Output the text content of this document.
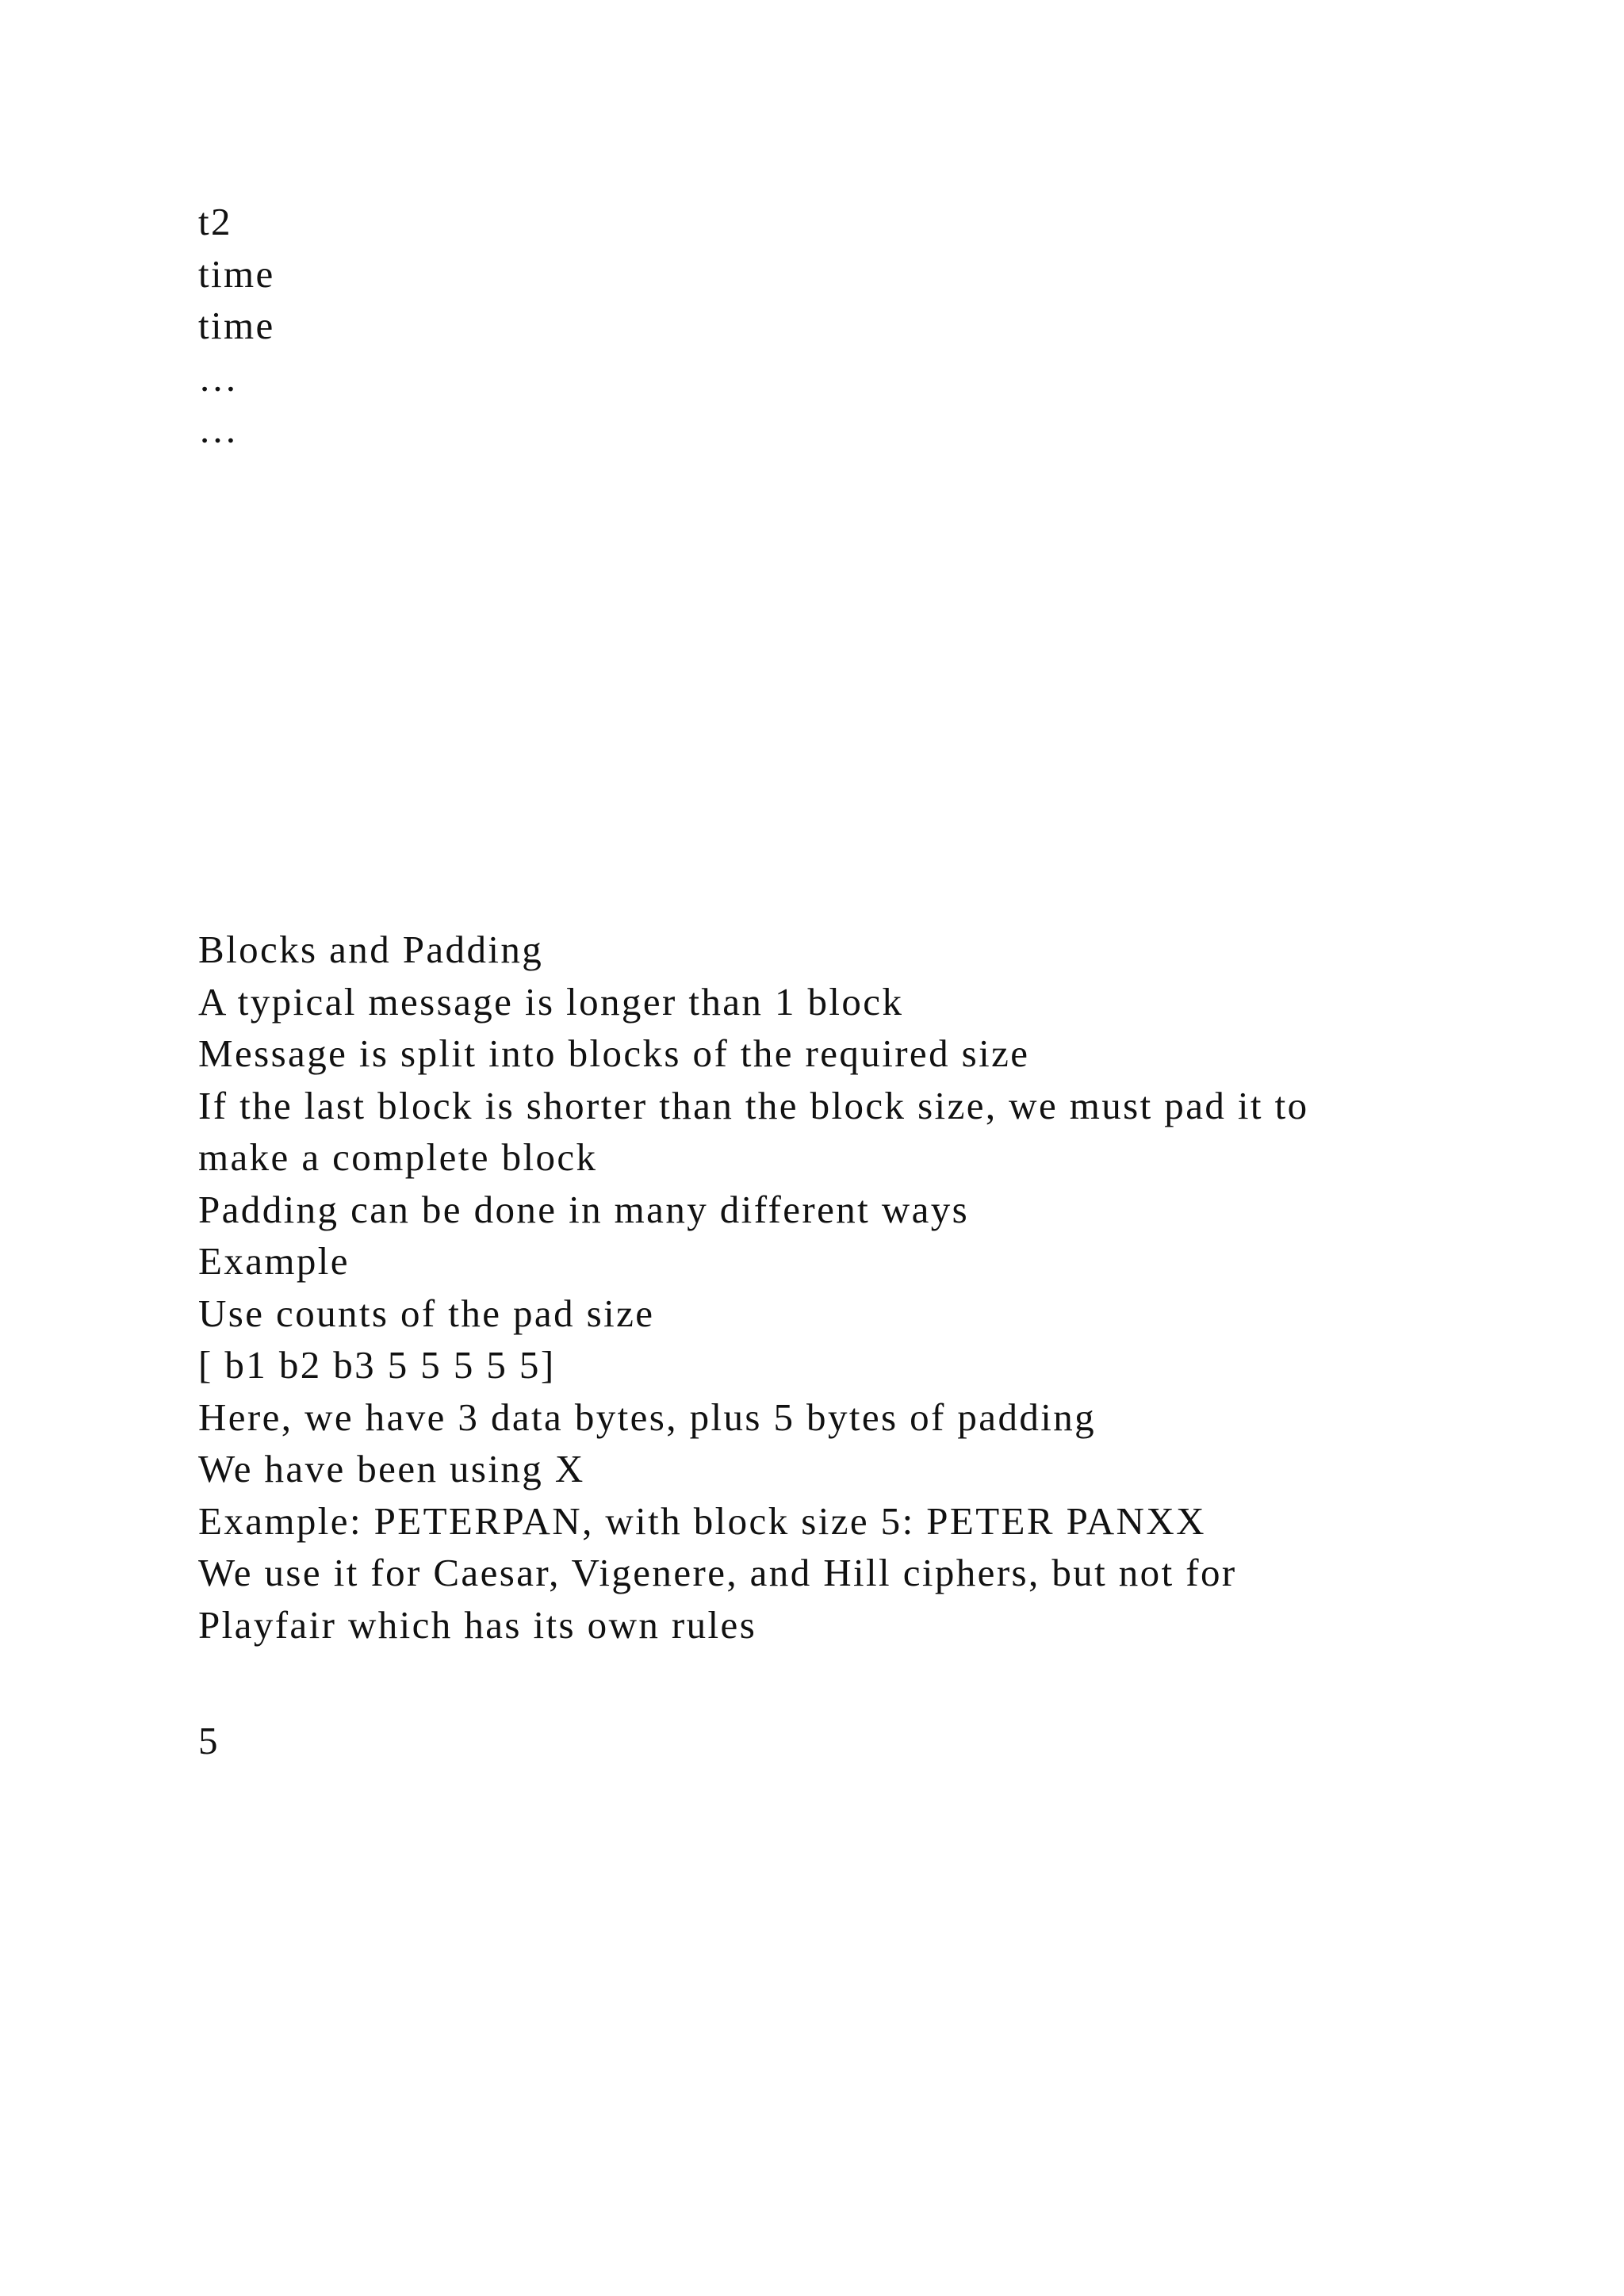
t2
time
time
…
…
Blocks and Padding
A typical message is longer than 1 block
Message is split into blocks of the required size
If the last block is shorter than the block size, we must pad it to
make a complete block
Padding can be done in many different ways
Example
Use counts of the pad size
[ b1 b2 b3 5 5 5 5 5]
Here, we have 3 data bytes, plus 5 bytes of padding
We have been using X
Example: PETERPAN, with block size 5: PETER PANXX
We use it for Caesar, Vigenere, and Hill ciphers, but not for
Playfair which has its own rules
5
